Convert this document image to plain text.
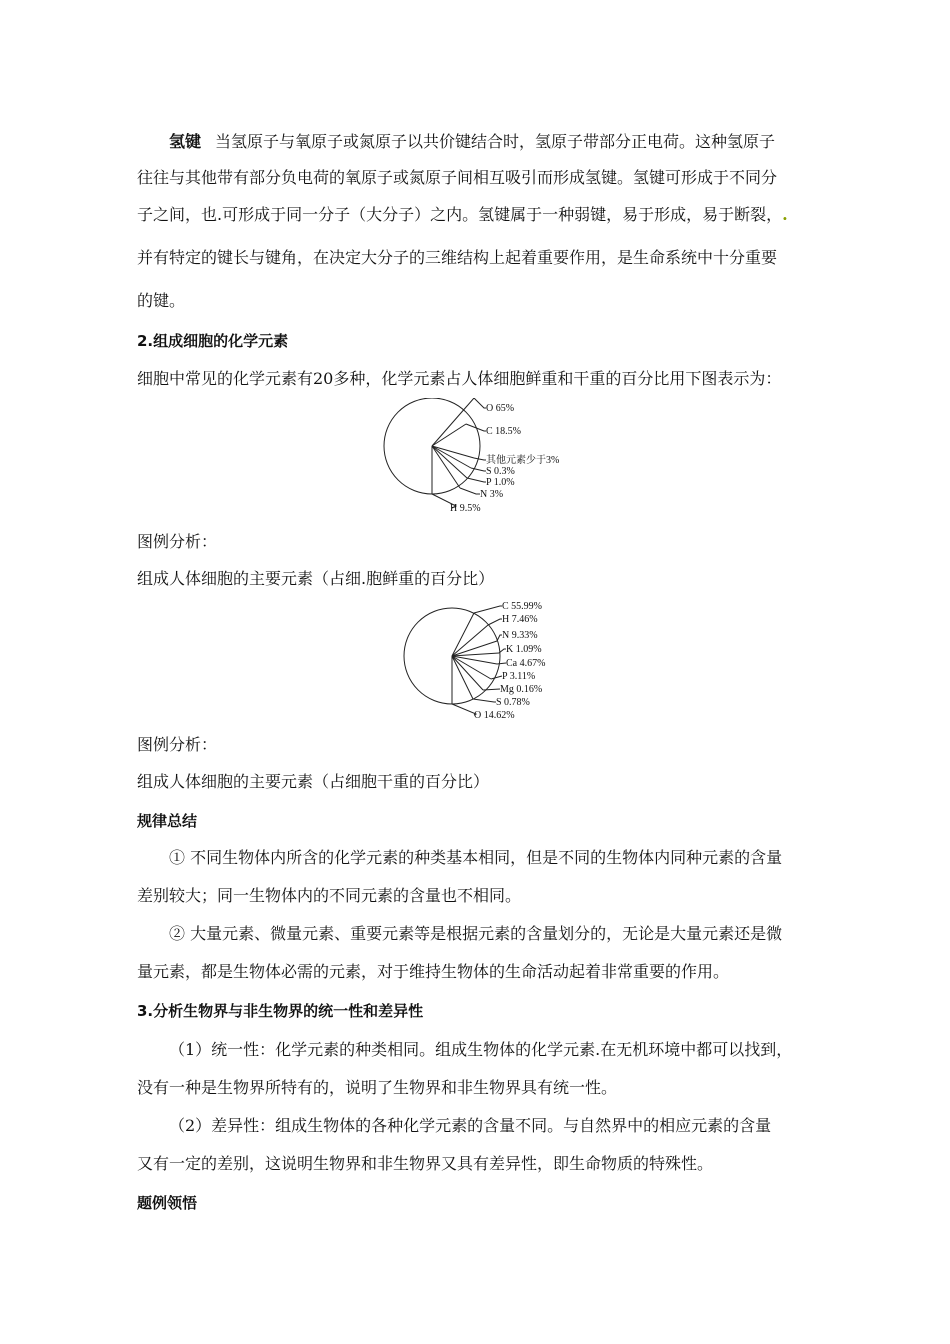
氢键 当氢原子与氧原子或氮原子以共价键结合时，氢原子带部分正电荷。这种氢原子

往往与其他带有部分负电荷的氧原子或氮原子间相互吸引而形成氢键。氢键可形成于不同分

子之间，也.可形成于同一分子（大分子）之内。氢键属于一种弱键，易于形成，易于断裂，.

并有特定的键长与键角，在决定大分子的三维结构上起着重要作用，是生命系统中十分重要

的键。

2.组成细胞的化学元素

细胞中常见的化学元素有20多种，化学元素占人体细胞鲜重和干重的百分比用下图表示为：

O 65%
C 18.5%
其他元素少于3%
S 0.3%
P 1.0%
N 3%
H 9.5%

图例分析：

组成人体细胞的主要元素（占细.胞鲜重的百分比）

C 55.99%
H 7.46%
N 9.33%
K 1.09%
Ca 4.67%
P 3.11%
Mg 0.16%
S 0.78%
O 14.62%

图例分析：

组成人体细胞的主要元素（占细胞干重的百分比）

规律总结

① 不同生物体内所含的化学元素的种类基本相同，但是不同的生物体内同种元素的含量

差别较大；同一生物体内的不同元素的含量也不相同。

② 大量元素、微量元素、重要元素等是根据元素的含量划分的，无论是大量元素还是微

量元素，都是生物体必需的元素，对于维持生物体的生命活动起着非常重要的作用。

3.分析生物界与非生物界的统一性和差异性

（1）统一性：化学元素的种类相同。组成生物体的化学元素.在无机环境中都可以找到，

没有一种是生物界所特有的，说明了生物界和非生物界具有统一性。

（2）差异性：组成生物体的各种化学元素的含量不同。与自然界中的相应元素的含量

又有一定的差别，这说明生物界和非生物界又具有差异性，即生命物质的特殊性。

题例领悟
